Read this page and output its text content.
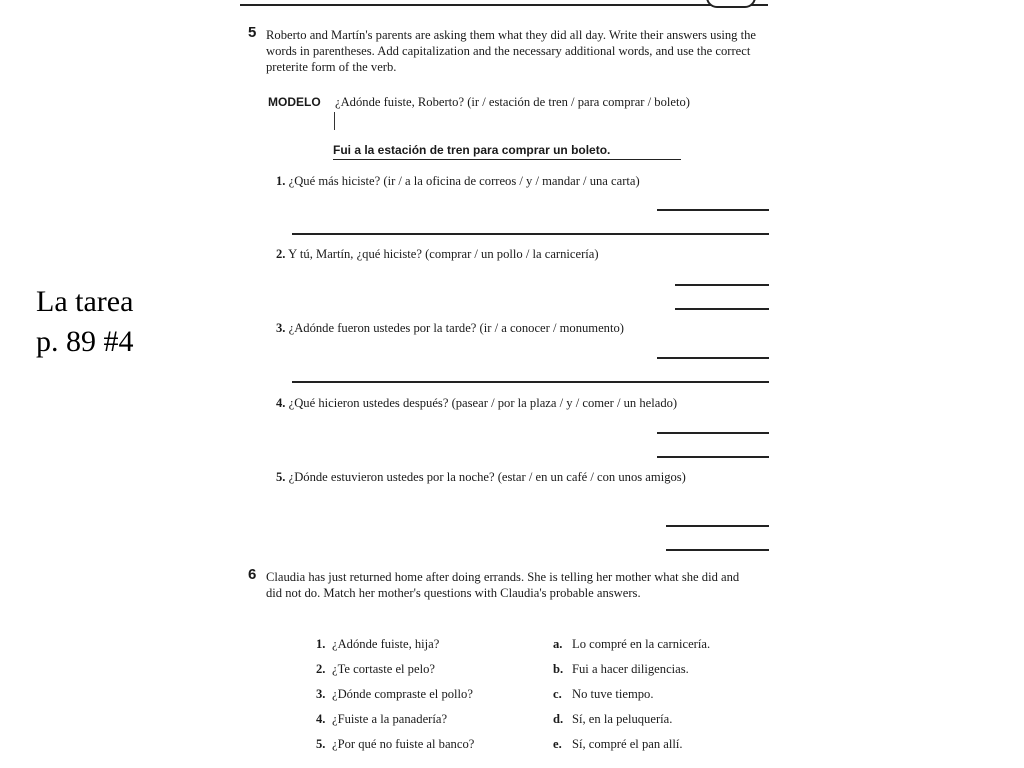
La tarea
p. 89 #4
5 Roberto and Martín's parents are asking them what they did all day. Write their answers using the words in parentheses. Add capitalization and the necessary additional words, and use the correct preterite form of the verb.
MODELO ¿Adónde fuiste, Roberto? (ir / estación de tren / para comprar / boleto)
Fui a la estación de tren para comprar un boleto.
1. ¿Qué más hiciste? (ir / a la oficina de correos / y / mandar / una carta)
2. Y tú, Martín, ¿qué hiciste? (comprar / un pollo / la carnicería)
3. ¿Adónde fueron ustedes por la tarde? (ir / a conocer / monumento)
4. ¿Qué hicieron ustedes después? (pasear / por la plaza / y / comer / un helado)
5. ¿Dónde estuvieron ustedes por la noche? (estar / en un café / con unos amigos)
6 Claudia has just returned home after doing errands. She is telling her mother what she did and did not do. Match her mother's questions with Claudia's probable answers.
1. ¿Adónde fuiste, hija?	a. Lo compré en la carnicería.
2. ¿Te cortaste el pelo?	b. Fui a hacer diligencias.
3. ¿Dónde compraste el pollo?	c. No tuve tiempo.
4. ¿Fuiste a la panadería?	d. Sí, en la peluquería.
5. ¿Por qué no fuiste al banco?	e. Sí, compré el pan allí.
